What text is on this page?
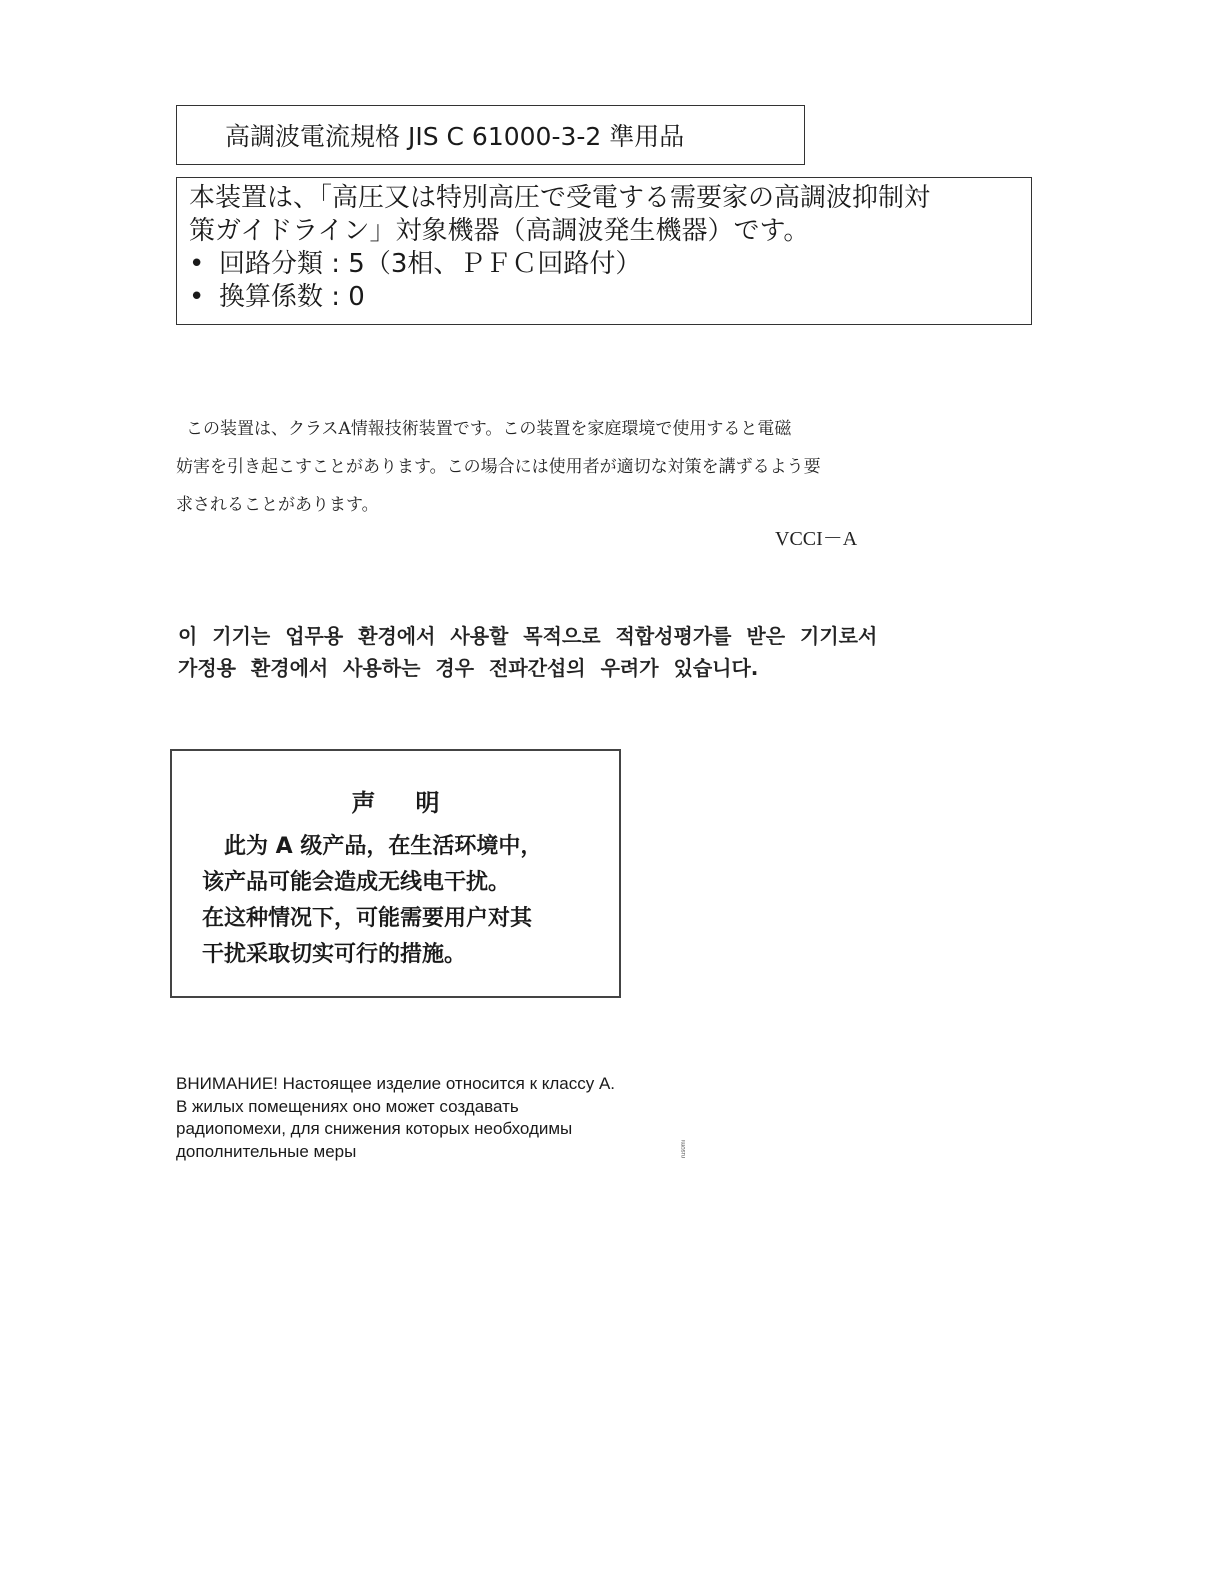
高調波電流規格 JIS C 61000-3-2 準用品
本装置は、「高圧又は特別高圧で受電する需要家の高調波抑制対
策ガイドライン」対象機器（高調波発生機器）です。
• 回路分類 : 5（3相、ＰＦＣ回路付）
• 換算係数 : 0
この装置は、クラスA情報技術装置です。この装置を家庭環境で使用すると電磁
妨害を引き起こすことがあります。この場合には使用者が適切な対策を講ずるよう要
求されることがあります。
VCCI－A
이 기기는 업무용 환경에서 사용할 목적으로 적합성평가를 받은 기기로서
가정용 환경에서 사용하는 경우 전파간섭의 우려가 있습니다.
声明
此为 A 级产品，在生活环境中，
该产品可能会造成无线电干扰。
在这种情况下，可能需要用户对其
干扰采取切实可行的措施。
ВНИМАНИЕ! Настоящее изделие относится к классу А.
В жилых помещениях оно может создавать
радиопомехи, для снижения которых необходимы
дополнительные меры	rus0mi
